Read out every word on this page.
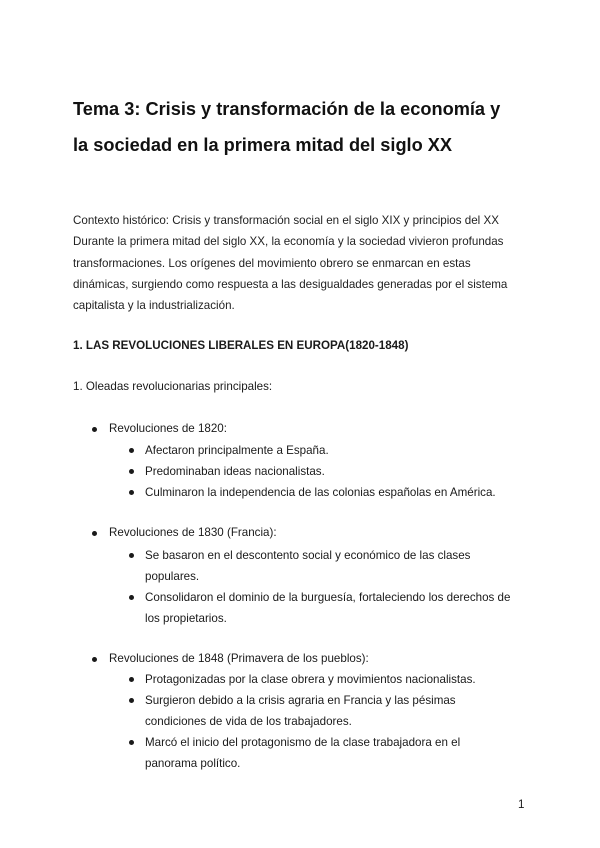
Tema 3: Crisis y transformación de la economía y
la sociedad en la primera mitad del siglo XX
Contexto histórico: Crisis y transformación social en el siglo XIX y principios del XX
Durante la primera mitad del siglo XX, la economía y la sociedad vivieron profundas
transformaciones. Los orígenes del movimiento obrero se enmarcan en estas
dinámicas, surgiendo como respuesta a las desigualdades generadas por el sistema
capitalista y la industrialización.
1. LAS REVOLUCIONES LIBERALES EN EUROPA(1820-1848)
1. Oleadas revolucionarias principales:
Revoluciones de 1820:
Afectaron principalmente a España.
Predominaban ideas nacionalistas.
Culminaron la independencia de las colonias españolas en América.
Revoluciones de 1830 (Francia):
Se basaron en el descontento social y económico de las clases
populares.
Consolidaron el dominio de la burguesía, fortaleciendo los derechos de
los propietarios.
Revoluciones de 1848 (Primavera de los pueblos):
Protagonizadas por la clase obrera y movimientos nacionalistas.
Surgieron debido a la crisis agraria en Francia y las pésimas
condiciones de vida de los trabajadores.
Marcó el inicio del protagonismo de la clase trabajadora en el
panorama político.
1
